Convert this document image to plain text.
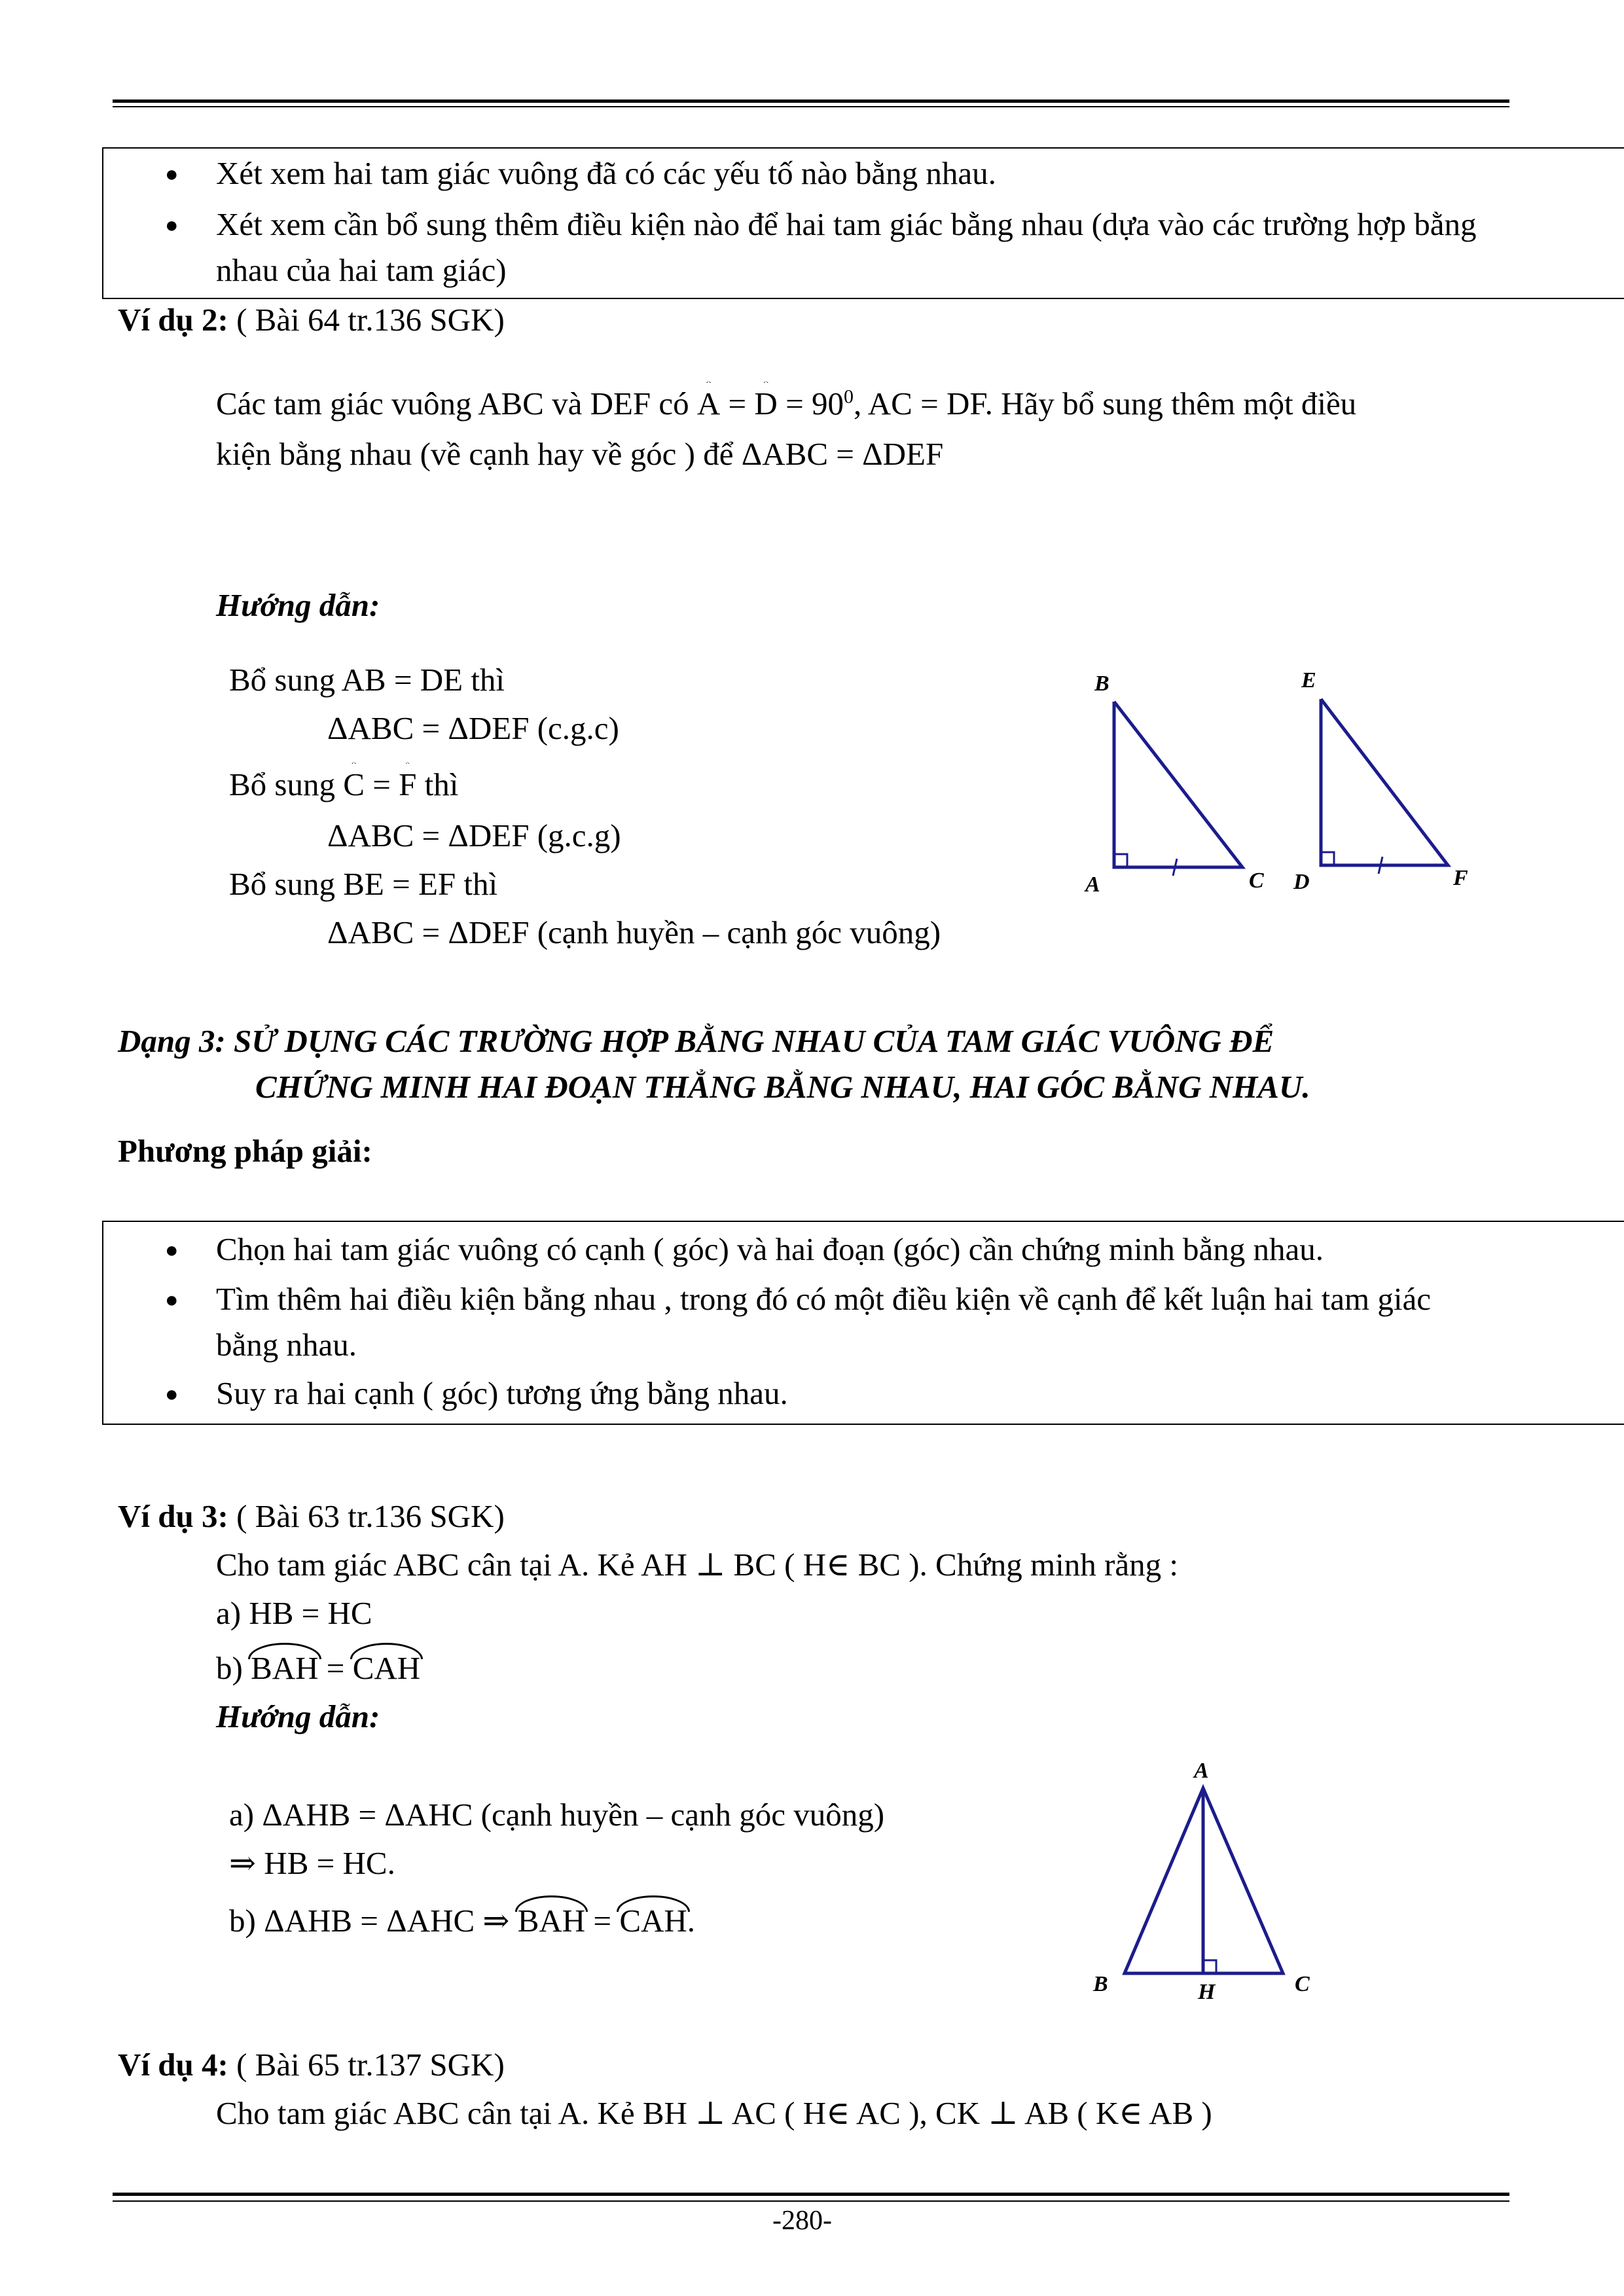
● Xét xem hai tam giác vuông đã có các yếu tố nào bằng nhau.
● Xét xem cần bổ sung thêm điều kiện nào để hai tam giác bằng nhau (dựa vào các trường hợp bằng
nhau của hai tam giác)
Ví dụ 2: ( Bài 64 tr.136 SGK)
Các tam giác vuông ABC và DEF có $A = D = 90^0$, AC = DF. Hãy bổ sung thêm một điều
kiện bằng nhau (về cạnh hay về góc ) để ΔABC = ΔDEF
Hướng dẫn:
Bổ sung AB = DE thì
ΔABC = ΔDEF (c.g.c)
Bổ sung C = F thì
ΔABC = ΔDEF (g.c.g)
Bổ sung BE = EF thì
ΔABC = ΔDEF (cạnh huyền – cạnh góc vuông)
B
A	C
E
D	F
Dạng 3: SỬ DỤNG CÁC TRƯỜNG HỢP BẰNG NHAU CỦA TAM GIÁC VUÔNG ĐỂ
CHỨNG MINH HAI ĐOẠN THẲNG BẰNG NHAU, HAI GÓC BẰNG NHAU.
Phương pháp giải:
● Chọn hai tam giác vuông có cạnh ( góc) và hai đoạn (góc) cần chứng minh bằng nhau.
● Tìm thêm hai điều kiện bằng nhau , trong đó có một điều kiện về cạnh để kết luận hai tam giác
bằng nhau.
● Suy ra hai cạnh ( góc) tương ứng bằng nhau.
Ví dụ 3: ( Bài 63 tr.136 SGK)
Cho tam giác ABC cân tại A. Kẻ AH ⊥ BC ( H∈ BC ). Chứng minh rằng :
a) HB = HC
b) BAH = CAH
Hướng dẫn:
a) ΔAHB = ΔAHC (cạnh huyền – cạnh góc vuông)
⇒ HB = HC.
b) ΔAHB = ΔAHC ⇒ BAH = CAH.
A
B	H	C
Ví dụ 4: ( Bài 65 tr.137 SGK)
Cho tam giác ABC cân tại A. Kẻ BH ⊥ AC ( H∈ AC ), CK ⊥ AB ( K∈ AB )
-280-
